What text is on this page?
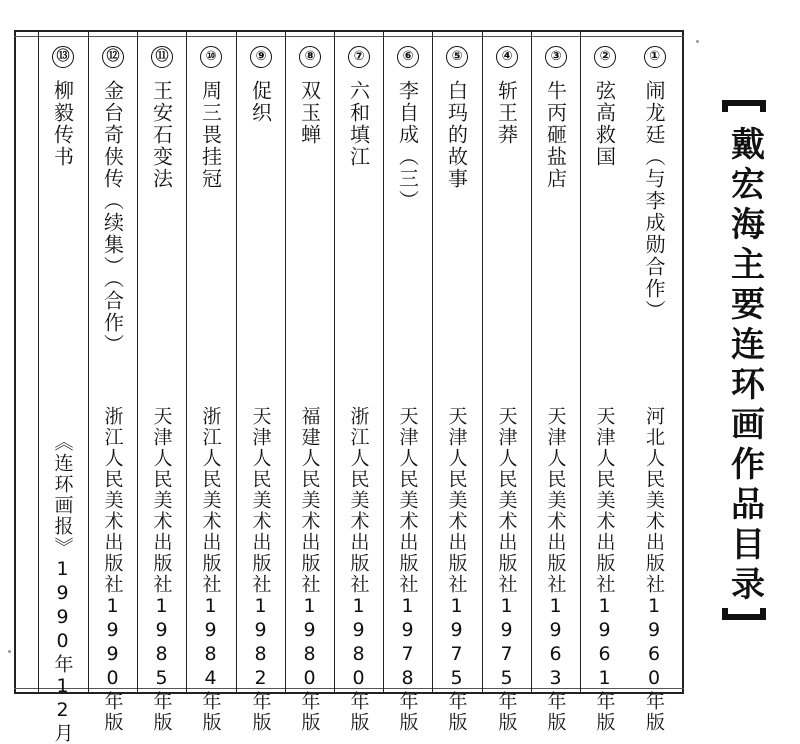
①
闹龙廷（与李成勋合作）
河北人民美术出版社1960年版
②
弦高救国
天津人民美术出版社1961年版
③
牛丙砸盐店
天津人民美术出版社1963年版
④
斩王莽
天津人民美术出版社1975年版
⑤
白玛的故事
天津人民美术出版社1975年版
⑥
李自成（三）
天津人民美术出版社1978年版
⑦
六和填江
浙江人民美术出版社1980年版
⑧
双玉蝉
福建人民美术出版社1980年版
⑨
促织
天津人民美术出版社1982年版
⑩
周三畏挂冠
浙江人民美术出版社1984年版
⑪
王安石变法
天津人民美术出版社1985年版
⑫
金台奇侠传（续集）（合作）
浙江人民美术出版社1990年版
⑬
柳毅传书
《连环画报》1990年12月	戴宏海主要连环画作品目录
